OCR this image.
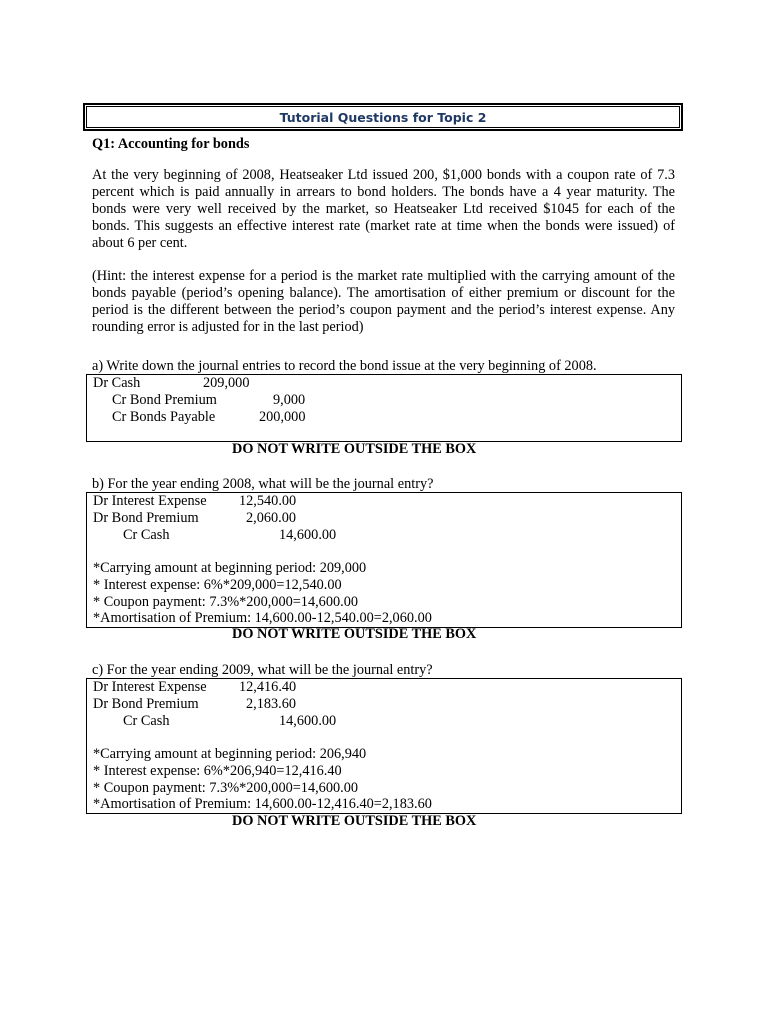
Tutorial Questions for Topic 2
Q1: Accounting for bonds

At the very beginning of 2008, Heatseaker Ltd issued 200, $1,000 bonds with a coupon rate of 7.3 percent which is paid annually in arrears to bond holders. The bonds have a 4 year maturity. The bonds were very well received by the market, so Heatseaker Ltd received $1045 for each of the bonds. This suggests an effective interest rate (market rate at time when the bonds were issued) of about 6 per cent.

(Hint: the interest expense for a period is the market rate multiplied with the carrying amount of the bonds payable (period’s opening balance). The amortisation of either premium or discount for the period is the different between the period’s coupon payment and the period’s interest expense. Any rounding error is adjusted for in the last period)

a) Write down the journal entries to record the bond issue at the very beginning of 2008.
Dr Cash	209,000
Cr Bond Premium	9,000
Cr Bonds Payable	200,000
DO NOT WRITE OUTSIDE THE BOX
b) For the year ending 2008, what will be the journal entry?
Dr Interest Expense 12,540.00
Dr Bond Premium	2,060.00
Cr Cash	14,600.00
*Carrying amount at beginning period: 209,000
* Interest expense: 6%*209,000=12,540.00
* Coupon payment: 7.3%*200,000=14,600.00
*Amortisation of Premium: 14,600.00-12,540.00=2,060.00
DO NOT WRITE OUTSIDE THE BOX
c) For the year ending 2009, what will be the journal entry?
Dr Interest Expense 12,416.40
Dr Bond Premium	2,183.60
Cr Cash	14,600.00
*Carrying amount at beginning period: 206,940
* Interest expense: 6%*206,940=12,416.40
* Coupon payment: 7.3%*200,000=14,600.00
*Amortisation of Premium: 14,600.00-12,416.40=2,183.60
DO NOT WRITE OUTSIDE THE BOX
